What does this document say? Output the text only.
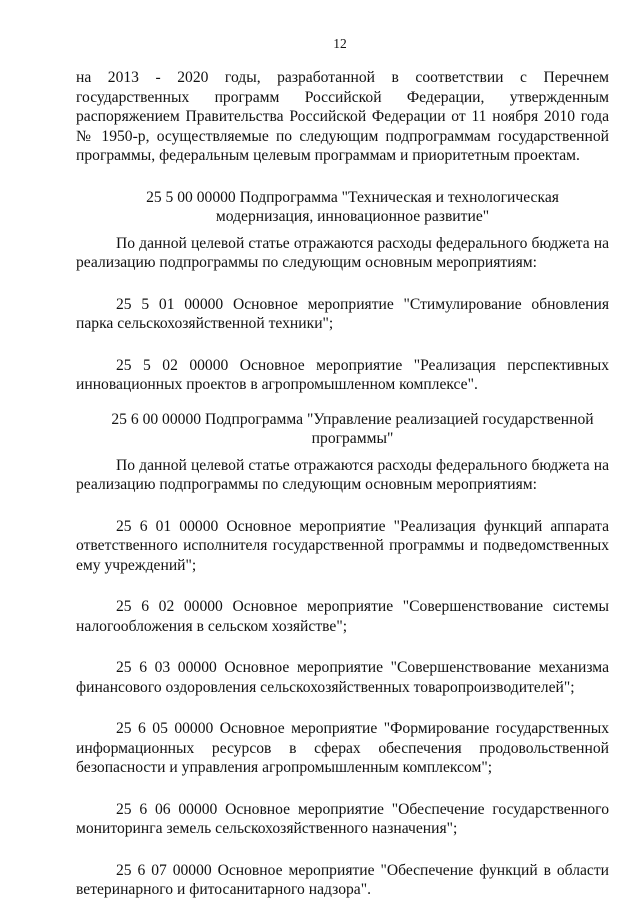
12

на 2013 - 2020 годы, разработанной в соответствии с Перечнем государственных программ Российской Федерации, утвержденным распоряжением Правительства Российской Федерации от 11 ноября 2010 года № 1950-р, осуществляемые по следующим подпрограммам государственной программы, федеральным целевым программам и приоритетным проектам.

25 5 00 00000 Подпрограмма "Техническая и технологическая модернизация, инновационное развитие"

По данной целевой статье отражаются расходы федерального бюджета на реализацию подпрограммы по следующим основным мероприятиям:

25 5 01 00000 Основное мероприятие "Стимулирование обновления парка сельскохозяйственной техники";

25 5 02 00000 Основное мероприятие "Реализация перспективных инновационных проектов в агропромышленном комплексе".

25 6 00 00000 Подпрограмма "Управление реализацией государственной программы"

По данной целевой статье отражаются расходы федерального бюджета на реализацию подпрограммы по следующим основным мероприятиям:

25 6 01 00000 Основное мероприятие "Реализация функций аппарата ответственного исполнителя государственной программы и подведомственных ему учреждений";

25 6 02 00000 Основное мероприятие "Совершенствование системы налогообложения в сельском хозяйстве";

25 6 03 00000 Основное мероприятие "Совершенствование механизма финансового оздоровления сельскохозяйственных товаропроизводителей";

25 6 05 00000 Основное мероприятие "Формирование государственных информационных ресурсов в сферах обеспечения продовольственной безопасности и управления агропромышленным комплексом";

25 6 06 00000 Основное мероприятие "Обеспечение государственного мониторинга земель сельскохозяйственного назначения";

25 6 07 00000 Основное мероприятие "Обеспечение функций в области ветеринарного и фитосанитарного надзора".
